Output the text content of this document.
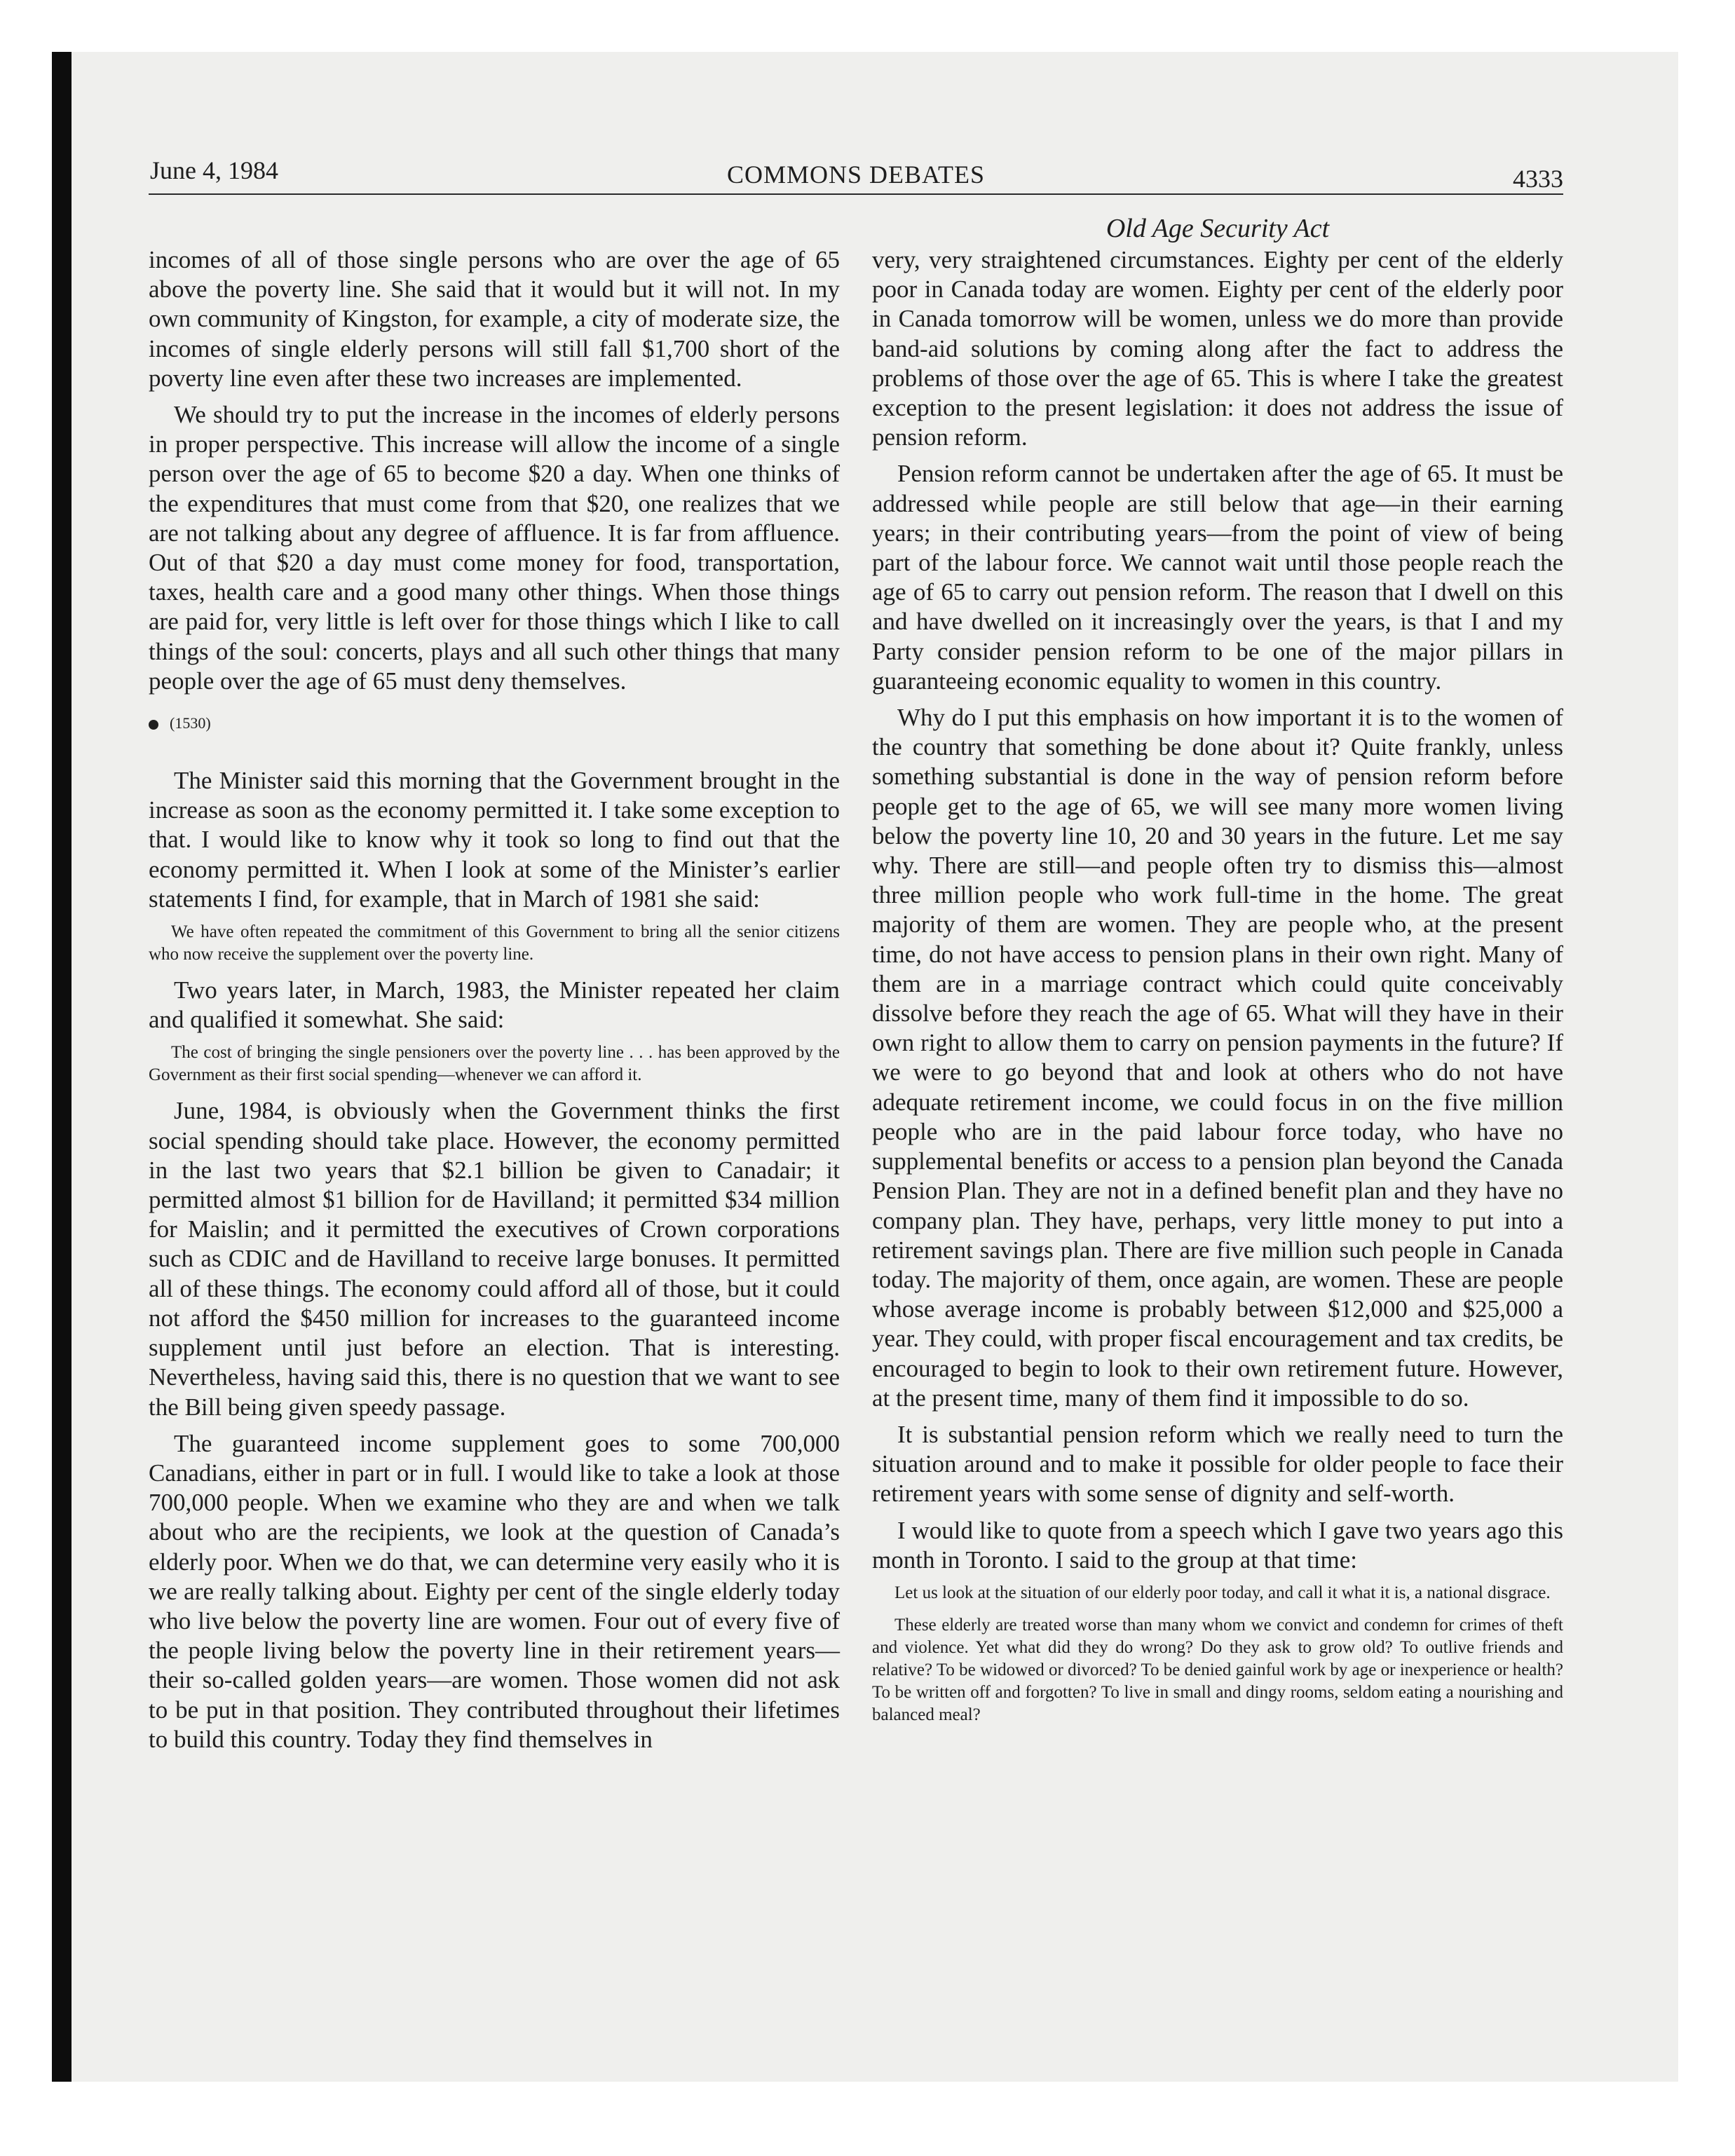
June 4, 1984	COMMONS DEBATES	4333
Old Age Security Act

incomes of all of those single persons who are over the age of 65 above the poverty line. She said that it would but it will not. In my own community of Kingston, for example, a city of moderate size, the incomes of single elderly persons will still fall $1,700 short of the poverty line even after these two increases are implemented.

We should try to put the increase in the incomes of elderly persons in proper perspective. This increase will allow the income of a single person over the age of 65 to become $20 a day. When one thinks of the expenditures that must come from that $20, one realizes that we are not talking about any degree of affluence. It is far from affluence. Out of that $20 a day must come money for food, transportation, taxes, health care and a good many other things. When those things are paid for, very little is left over for those things which I like to call things of the soul: concerts, plays and all such other things that many people over the age of 65 must deny themselves.

(1530)

The Minister said this morning that the Government brought in the increase as soon as the economy permitted it. I take some exception to that. I would like to know why it took so long to find out that the economy permitted it. When I look at some of the Minister’s earlier statements I find, for example, that in March of 1981 she said:

We have often repeated the commitment of this Government to bring all the senior citizens who now receive the supplement over the poverty line.

Two years later, in March, 1983, the Minister repeated her claim and qualified it somewhat. She said:

The cost of bringing the single pensioners over the poverty line . . . has been approved by the Government as their first social spending—whenever we can afford it.

June, 1984, is obviously when the Government thinks the first social spending should take place. However, the economy permitted in the last two years that $2.1 billion be given to Canadair; it permitted almost $1 billion for de Havilland; it permitted $34 million for Maislin; and it permitted the executives of Crown corporations such as CDIC and de Havilland to receive large bonuses. It permitted all of these things. The economy could afford all of those, but it could not afford the $450 million for increases to the guaranteed income supplement until just before an election. That is interesting. Nevertheless, having said this, there is no question that we want to see the Bill being given speedy passage.

The guaranteed income supplement goes to some 700,000 Canadians, either in part or in full. I would like to take a look at those 700,000 people. When we examine who they are and when we talk about who are the recipients, we look at the question of Canada’s elderly poor. When we do that, we can determine very easily who it is we are really talking about. Eighty per cent of the single elderly today who live below the poverty line are women. Four out of every five of the people living below the poverty line in their retirement years—their so-called golden years—are women. Those women did not ask to be put in that position. They contributed throughout their lifetimes to build this country. Today they find themselves in

very, very straightened circumstances. Eighty per cent of the elderly poor in Canada today are women. Eighty per cent of the elderly poor in Canada tomorrow will be women, unless we do more than provide band-aid solutions by coming along after the fact to address the problems of those over the age of 65. This is where I take the greatest exception to the present legislation: it does not address the issue of pension reform.

Pension reform cannot be undertaken after the age of 65. It must be addressed while people are still below that age—in their earning years; in their contributing years—from the point of view of being part of the labour force. We cannot wait until those people reach the age of 65 to carry out pension reform. The reason that I dwell on this and have dwelled on it increasingly over the years, is that I and my Party consider pension reform to be one of the major pillars in guaranteeing economic equality to women in this country.

Why do I put this emphasis on how important it is to the women of the country that something be done about it? Quite frankly, unless something substantial is done in the way of pension reform before people get to the age of 65, we will see many more women living below the poverty line 10, 20 and 30 years in the future. Let me say why. There are still—and people often try to dismiss this—almost three million people who work full-time in the home. The great majority of them are women. They are people who, at the present time, do not have access to pension plans in their own right. Many of them are in a marriage contract which could quite conceivably dissolve before they reach the age of 65. What will they have in their own right to allow them to carry on pension payments in the future? If we were to go beyond that and look at others who do not have adequate retirement income, we could focus in on the five million people who are in the paid labour force today, who have no supplemental benefits or access to a pension plan beyond the Canada Pension Plan. They are not in a defined benefit plan and they have no company plan. They have, perhaps, very little money to put into a retirement savings plan. There are five million such people in Canada today. The majority of them, once again, are women. These are people whose average income is probably between $12,000 and $25,000 a year. They could, with proper fiscal encouragement and tax credits, be encouraged to begin to look to their own retirement future. However, at the present time, many of them find it impossible to do so.

It is substantial pension reform which we really need to turn the situation around and to make it possible for older people to face their retirement years with some sense of dignity and self-worth.

I would like to quote from a speech which I gave two years ago this month in Toronto. I said to the group at that time:

Let us look at the situation of our elderly poor today, and call it what it is, a national disgrace.
These elderly are treated worse than many whom we convict and condemn for crimes of theft and violence. Yet what did they do wrong? Do they ask to grow old? To outlive friends and relative? To be widowed or divorced? To be denied gainful work by age or inexperience or health? To be written off and forgotten? To live in small and dingy rooms, seldom eating a nourishing and balanced meal?
